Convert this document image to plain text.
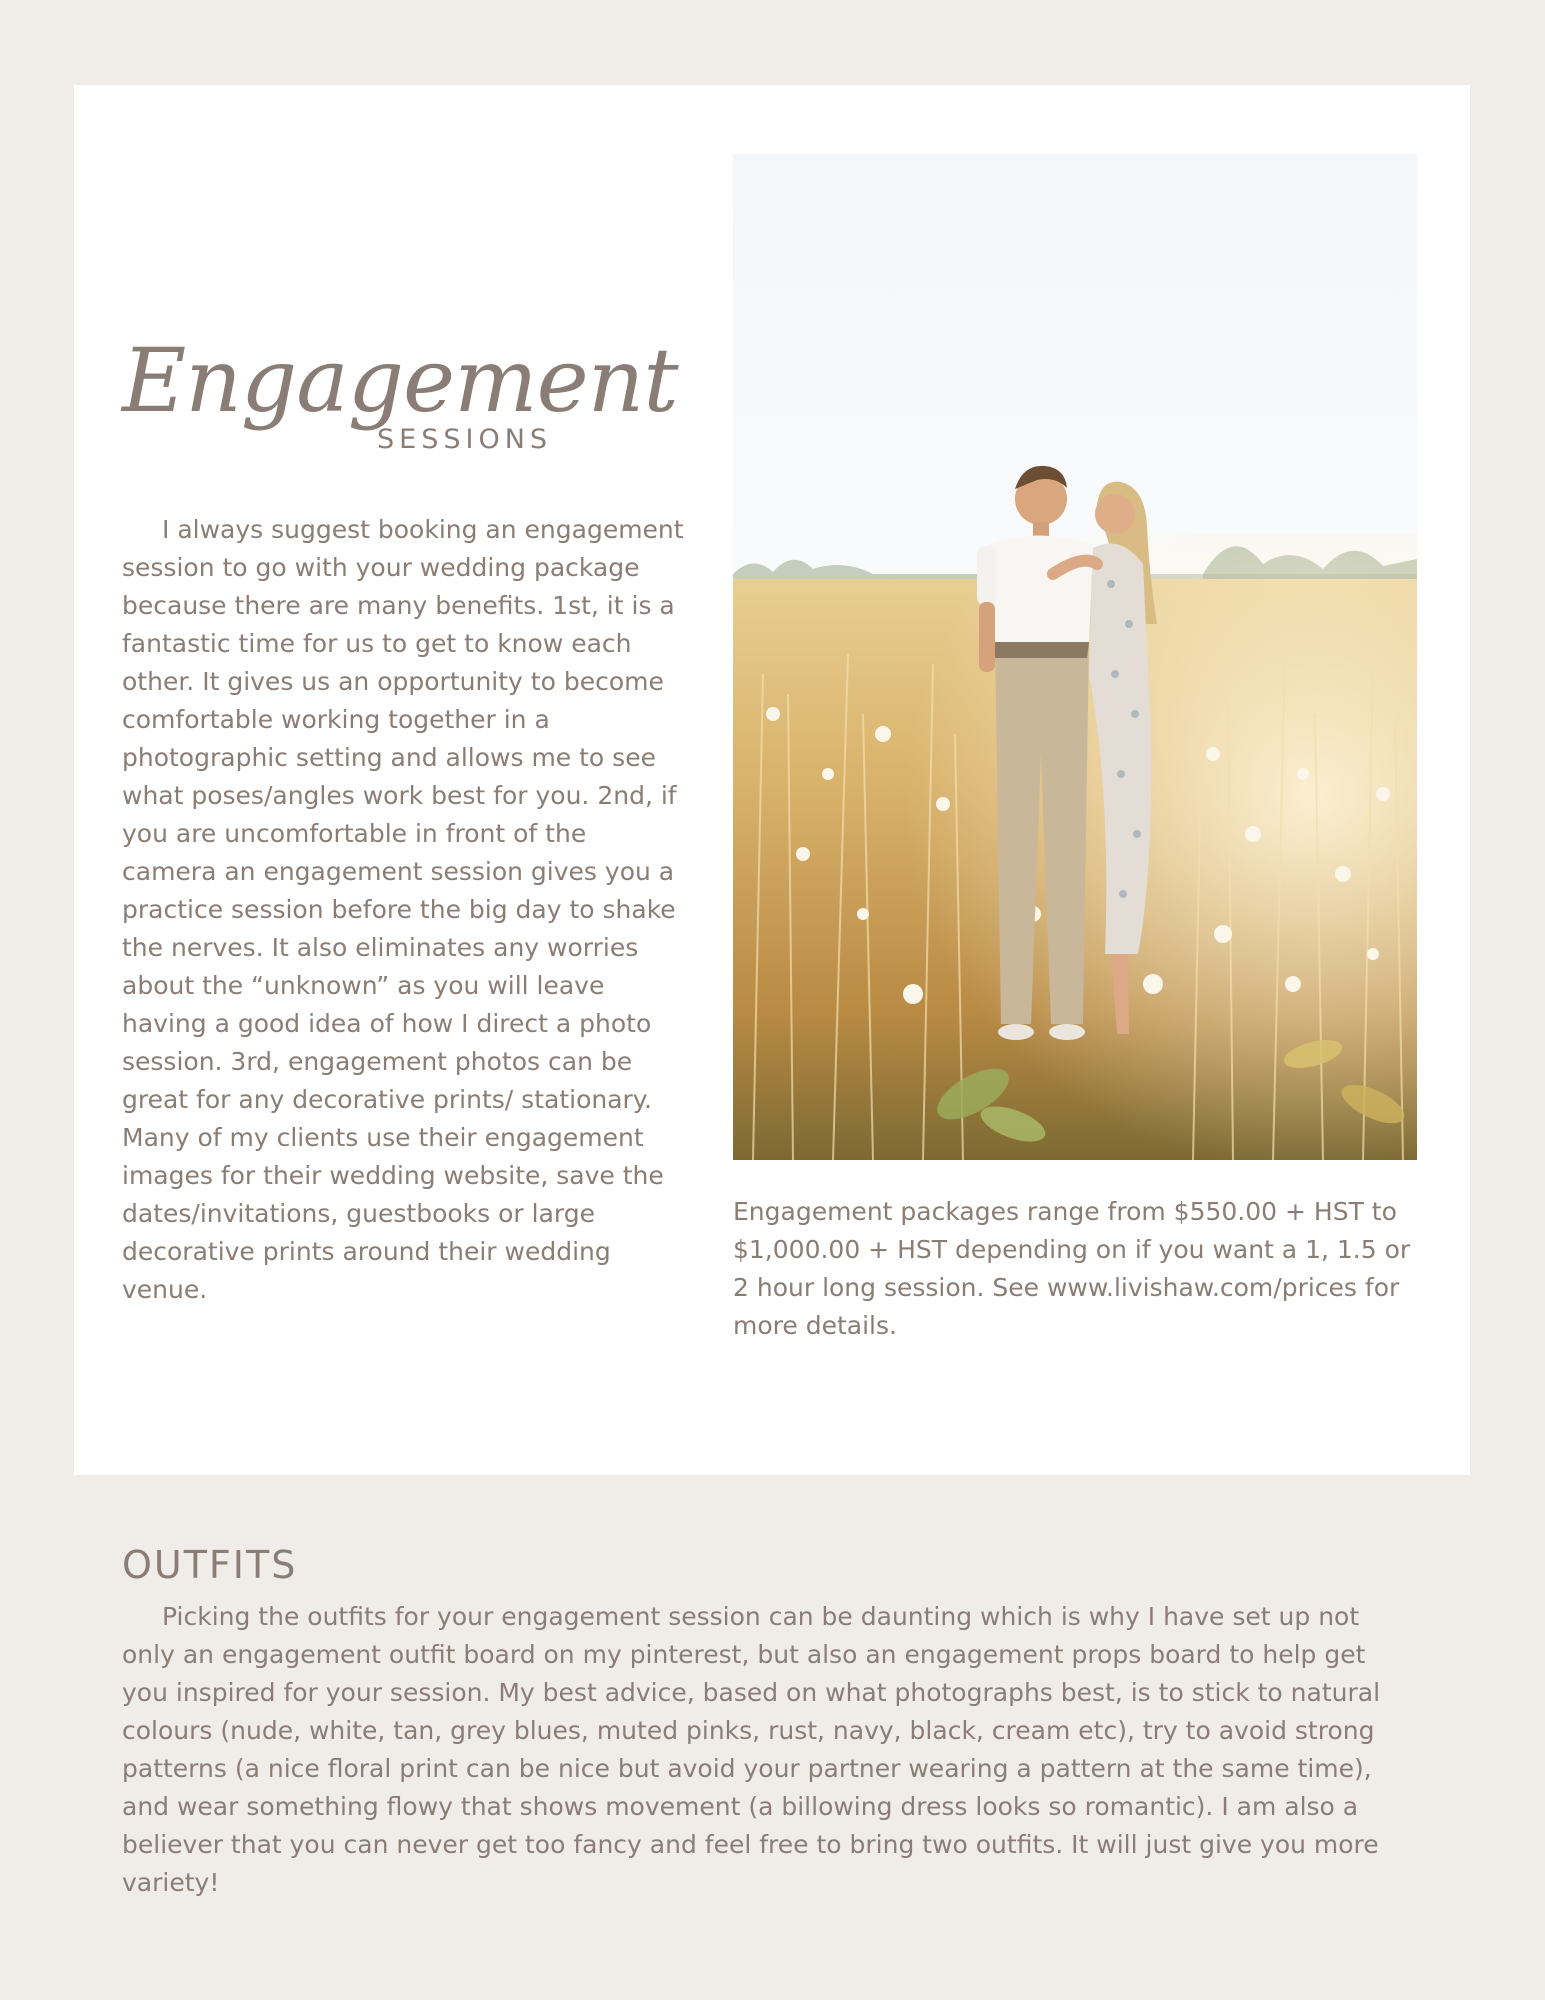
Engagement
SESSIONS

I always suggest booking an engagement session to go with your wedding package because there are many benefits. 1st, it is a fantastic time for us to get to know each other. It gives us an opportunity to become comfortable working together in a photographic setting and allows me to see what poses/angles work best for you. 2nd, if you are uncomfortable in front of the camera an engagement session gives you a practice session before the big day to shake the nerves. It also eliminates any worries about the “unknown” as you will leave having a good idea of how I direct a photo session. 3rd, engagement photos can be great for any decorative prints/ stationary. Many of my clients use their engagement images for their wedding website, save the dates/invitations, guestbooks or large decorative prints around their wedding venue.

Engagement packages range from $550.00 + HST to $1,000.00 + HST depending on if you want a 1, 1.5 or 2 hour long session. See www.livishaw.com/prices for more details.

OUTFITS

Picking the outfits for your engagement session can be daunting which is why I have set up not only an engagement outfit board on my pinterest, but also an engagement props board to help get you inspired for your session. My best advice, based on what photographs best, is to stick to natural colours (nude, white, tan, grey blues, muted pinks, rust, navy, black, cream etc), try to avoid strong patterns (a nice floral print can be nice but avoid your partner wearing a pattern at the same time), and wear something flowy that shows movement (a billowing dress looks so romantic). I am also a believer that you can never get too fancy and feel free to bring two outfits. It will just give you more variety!
